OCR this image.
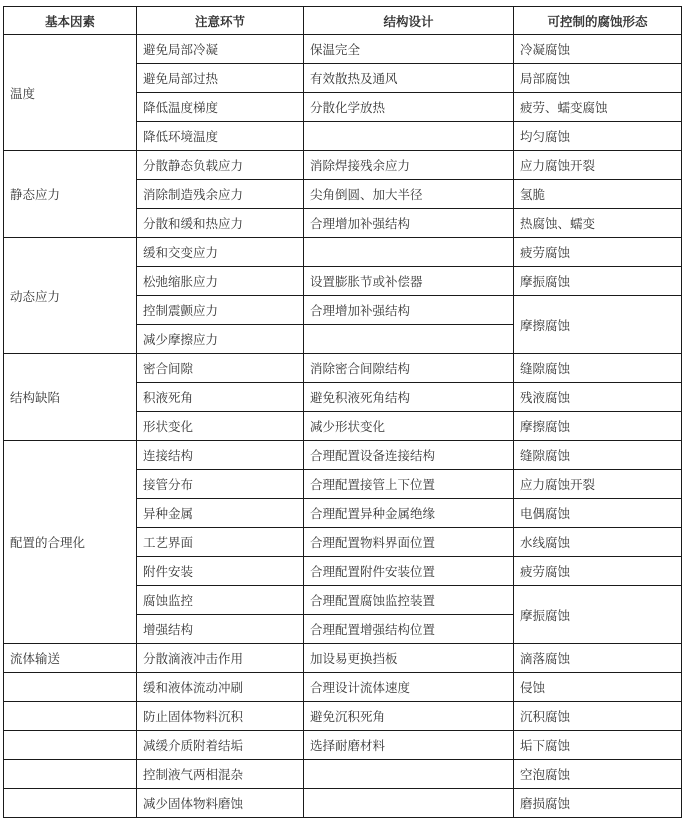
基本因素	注意环节	结构设计	可控制的腐蚀形态
温度	避免局部冷凝	保温完全	冷凝腐蚀
	避免局部过热	有效散热及通风	局部腐蚀
	降低温度梯度	分散化学放热	疲劳、蠕变腐蚀
	降低环境温度		均匀腐蚀
静态应力	分散静态负载应力	消除焊接残余应力	应力腐蚀开裂
	消除制造残余应力	尖角倒圆、加大半径	氢脆
	分散和缓和热应力	合理增加补强结构	热腐蚀、蠕变
动态应力	缓和交变应力		疲劳腐蚀
	松弛缩胀应力	设置膨胀节或补偿器	摩振腐蚀
	控制震颤应力	合理增加补强结构	摩擦腐蚀
	减少摩擦应力		
结构缺陷	密合间隙	消除密合间隙结构	缝隙腐蚀
	积液死角	避免积液死角结构	残液腐蚀
	形状变化	减少形状变化	摩擦腐蚀
配置的合理化	连接结构	合理配置设备连接结构	缝隙腐蚀
	接管分布	合理配置接管上下位置	应力腐蚀开裂
	异种金属	合理配置异种金属绝缘	电偶腐蚀
	工艺界面	合理配置物料界面位置	水线腐蚀
	附件安装	合理配置附件安装位置	疲劳腐蚀
	腐蚀监控	合理配置腐蚀监控装置	摩振腐蚀
	增强结构	合理配置增强结构位置	
流体输送	分散滴液冲击作用	加设易更换挡板	滴落腐蚀
	缓和液体流动冲刷	合理设计流体速度	侵蚀
	防止固体物料沉积	避免沉积死角	沉积腐蚀
	减缓介质附着结垢	选择耐磨材料	垢下腐蚀
	控制液气两相混杂		空泡腐蚀
	减少固体物料磨蚀		磨损腐蚀
